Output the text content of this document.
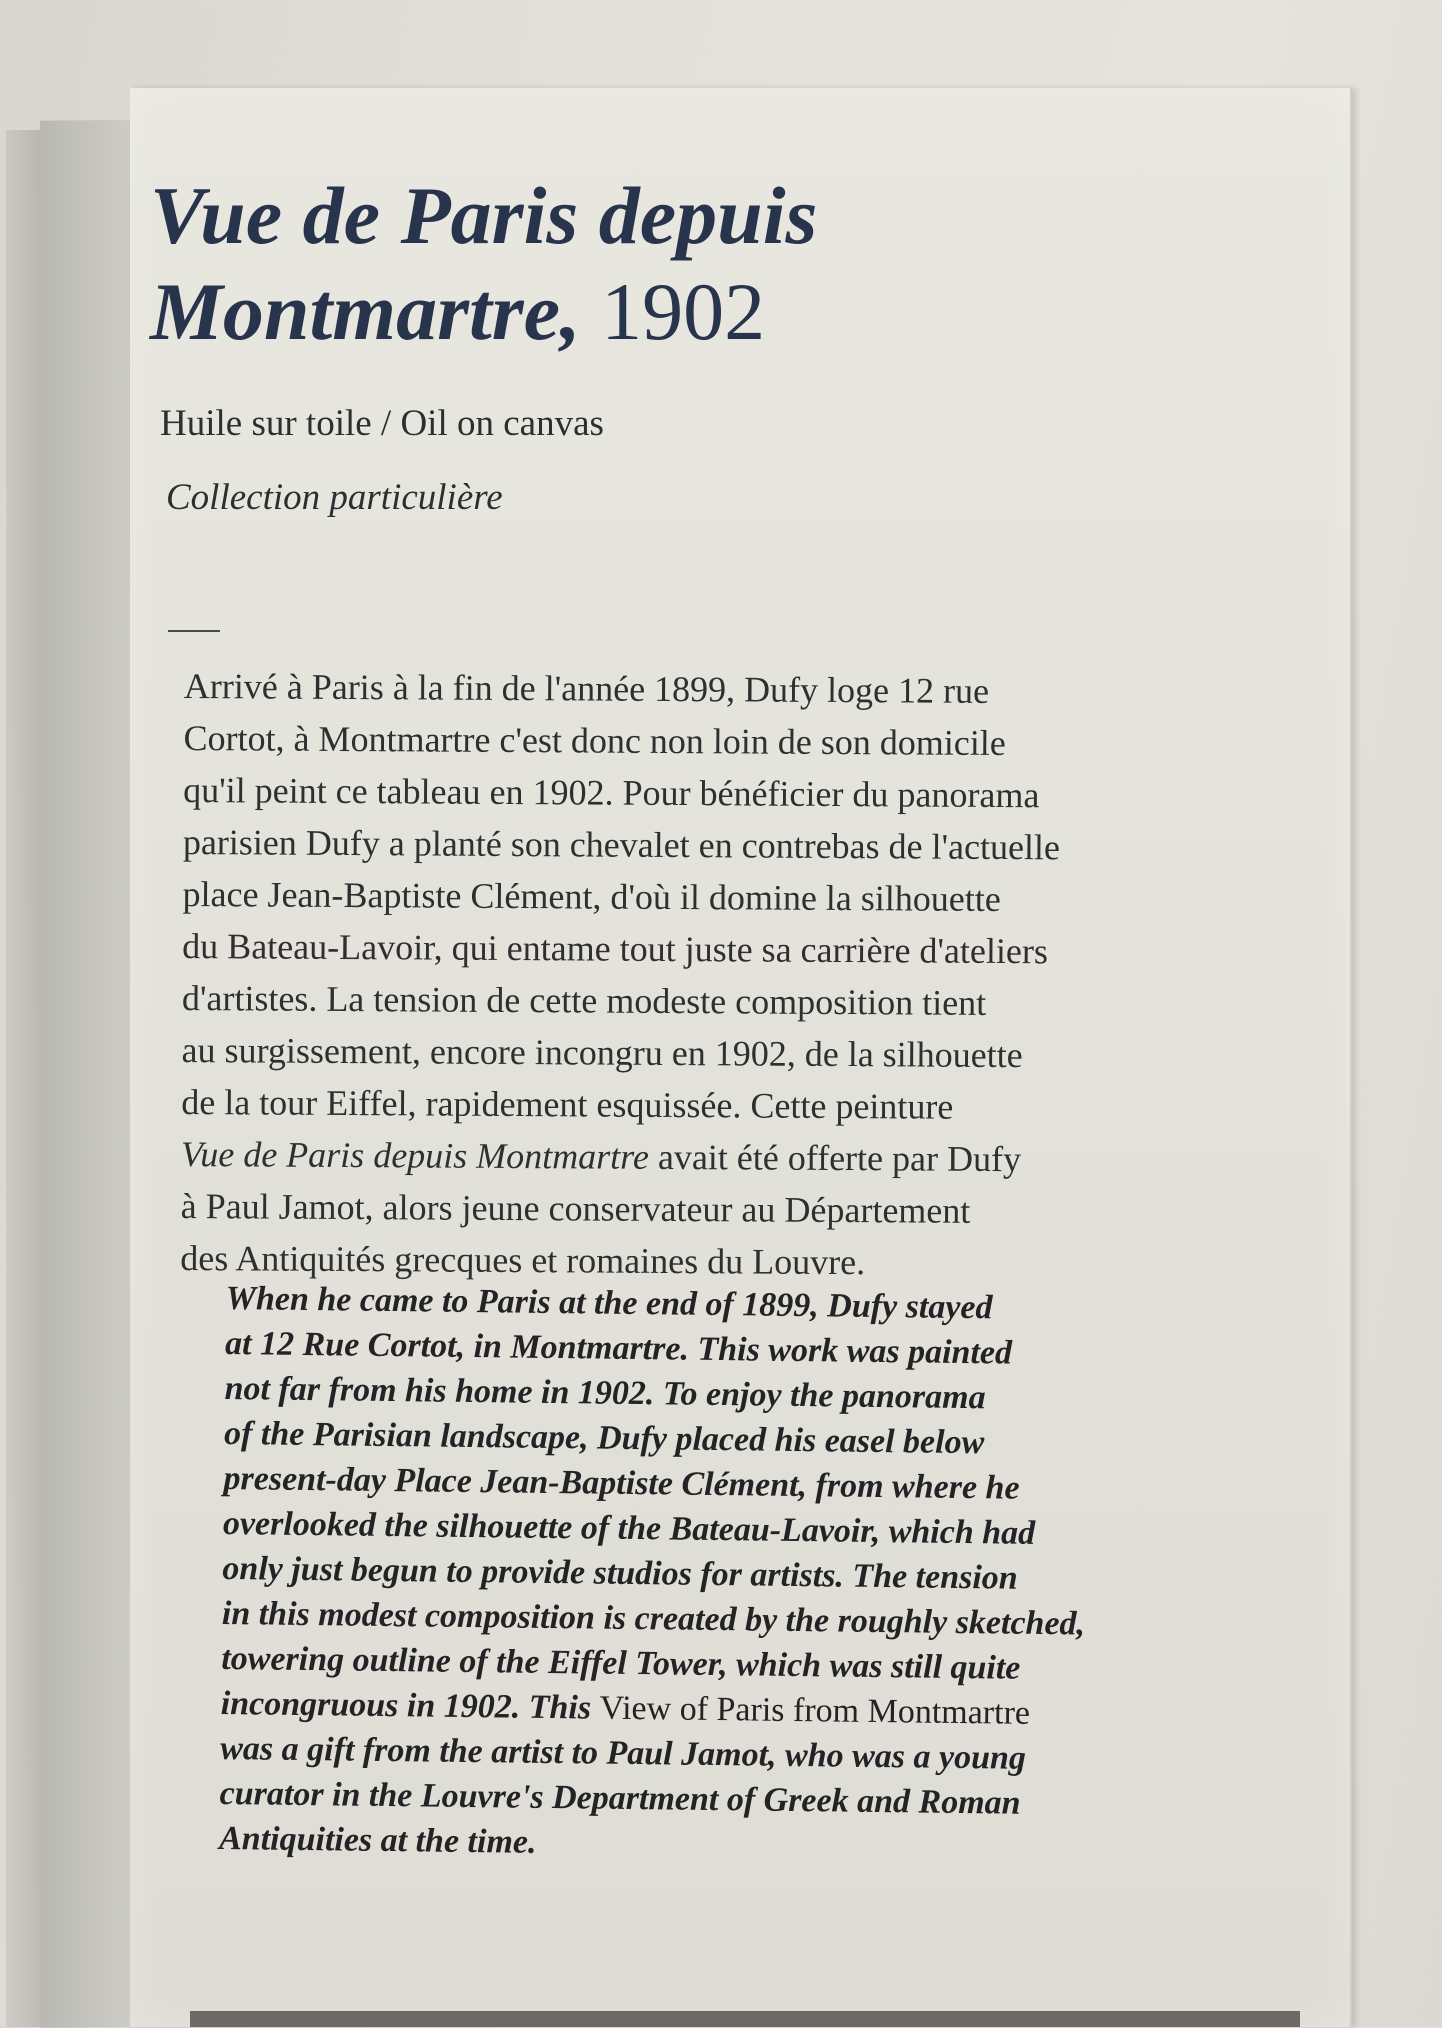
Vue de Paris depuis
Montmartre, 1902

Huile sur toile / Oil on canvas

Collection particulière

Arrivé à Paris à la fin de l'année 1899, Dufy loge 12 rue
Cortot, à Montmartre c'est donc non loin de son domicile
qu'il peint ce tableau en 1902. Pour bénéficier du panorama
parisien Dufy a planté son chevalet en contrebas de l'actuelle
place Jean-Baptiste Clément, d'où il domine la silhouette
du Bateau-Lavoir, qui entame tout juste sa carrière d'ateliers
d'artistes. La tension de cette modeste composition tient
au surgissement, encore incongru en 1902, de la silhouette
de la tour Eiffel, rapidement esquissée. Cette peinture
Vue de Paris depuis Montmartre avait été offerte par Dufy
à Paul Jamot, alors jeune conservateur au Département
des Antiquités grecques et romaines du Louvre.

When he came to Paris at the end of 1899, Dufy stayed
at 12 Rue Cortot, in Montmartre. This work was painted
not far from his home in 1902. To enjoy the panorama
of the Parisian landscape, Dufy placed his easel below
present-day Place Jean-Baptiste Clément, from where he
overlooked the silhouette of the Bateau-Lavoir, which had
only just begun to provide studios for artists. The tension
in this modest composition is created by the roughly sketched,
towering outline of the Eiffel Tower, which was still quite
incongruous in 1902. This View of Paris from Montmartre
was a gift from the artist to Paul Jamot, who was a young
curator in the Louvre's Department of Greek and Roman
Antiquities at the time.
